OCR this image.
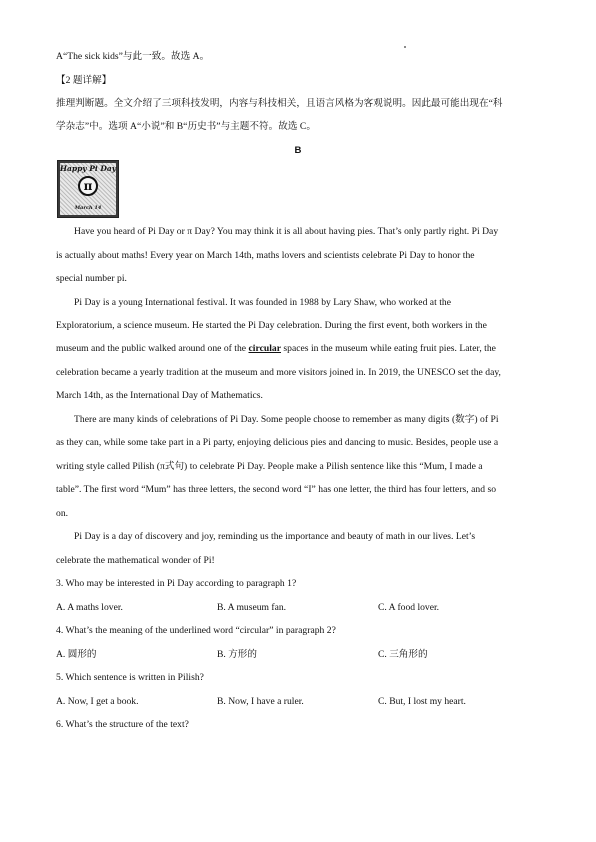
A“The sick kids”与此一致。故选 A。
【2 题详解】
推理判断题。全文介绍了三项科技发明，内容与科技相关，且语言风格为客观说明。因此最可能出现在“科
学杂志”中。选项 A“小说”和 B“历史书”与主题不符。故选 C。
B
Happy Pi Day
π
March 14
Have you heard of Pi Day or π Day? You may think it is all about having pies. That’s only partly right. Pi Day
is actually about maths! Every year on March 14th, maths lovers and scientists celebrate Pi Day to honor the
special number pi.
Pi Day is a young International festival. It was founded in 1988 by Lary Shaw, who worked at the
Exploratorium, a science museum. He started the Pi Day celebration. During the first event, both workers in the
museum and the public walked around one of the circular spaces in the museum while eating fruit pies. Later, the
celebration became a yearly tradition at the museum and more visitors joined in. In 2019, the UNESCO set the day,
March 14th, as the International Day of Mathematics.
There are many kinds of celebrations of Pi Day. Some people choose to remember as many digits (数字) of Pi
as they can, while some take part in a Pi party, enjoying delicious pies and dancing to music. Besides, people use a
writing style called Pilish (π式句) to celebrate Pi Day. People make a Pilish sentence like this “Mum, I made a
table”. The first word “Mum” has three letters, the second word “I” has one letter, the third has four letters, and so
on.
Pi Day is a day of discovery and joy, reminding us the importance and beauty of math in our lives. Let’s
celebrate the mathematical wonder of Pi!
3. Who may be interested in Pi Day according to paragraph 1?
A. A maths lover.	B. A museum fan.	C. A food lover.
4. What’s the meaning of the underlined word “circular” in paragraph 2?
A. 圆形的	B. 方形的	C. 三角形的
5. Which sentence is written in Pilish?
A. Now, I get a book.	B. Now, I have a ruler.	C. But, I lost my heart.
6. What’s the structure of the text?
